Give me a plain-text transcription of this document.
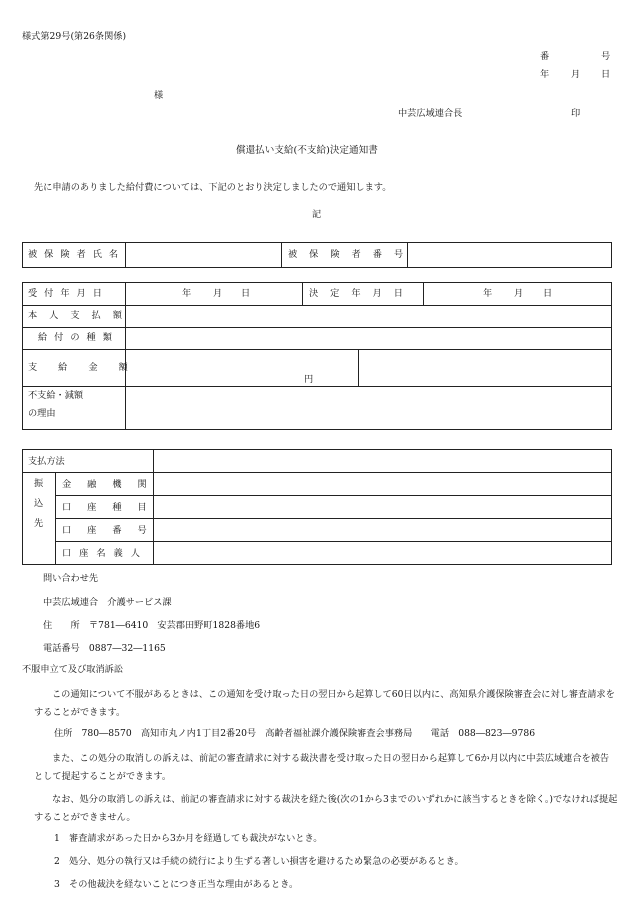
様式第29号(第26条関係)
番	号
年 月 日
様
中芸広域連合長	印
償還払い支給(不支給)決定通知書
先に申請のありました給付費については、下記のとおり決定しましたので通知します。
記
被保険者氏名	被保険者番号
受付年月日	年 月 日	決定年月日	年 月 日
本人支払額
給付の種類
支給金額
円
不支給・減額
の理由
支払方法
振
込
先
金融機関
口座種目
口座番号
口座名義人
問い合わせ先
中芸広域連合　介護サービス課
住　　所　〒781―6410　安芸郡田野町1828番地6
電話番号　0887―32―1165
不服申立て及び取消訴訟
この通知について不服があるときは、この通知を受け取った日の翌日から起算して60日以内に、高知県介護保険審査会に対し審査請求をすることができます。
住所　780―8570　高知市丸ノ内1丁目2番20号　高齢者福祉課介護保険審査会事務局　　電話　088―823―9786
また、この処分の取消しの訴えは、前記の審査請求に対する裁決書を受け取った日の翌日から起算して6か月以内に中芸広域連合を被告として提起することができます。
なお、処分の取消しの訴えは、前記の審査請求に対する裁決を経た後(次の1から3までのいずれかに該当するときを除く。)でなければ提起することができません。
1　審査請求があった日から3か月を経過しても裁決がないとき。
2　処分、処分の執行又は手続の続行により生ずる著しい損害を避けるため緊急の必要があるとき。
3　その他裁決を経ないことにつき正当な理由があるとき。
